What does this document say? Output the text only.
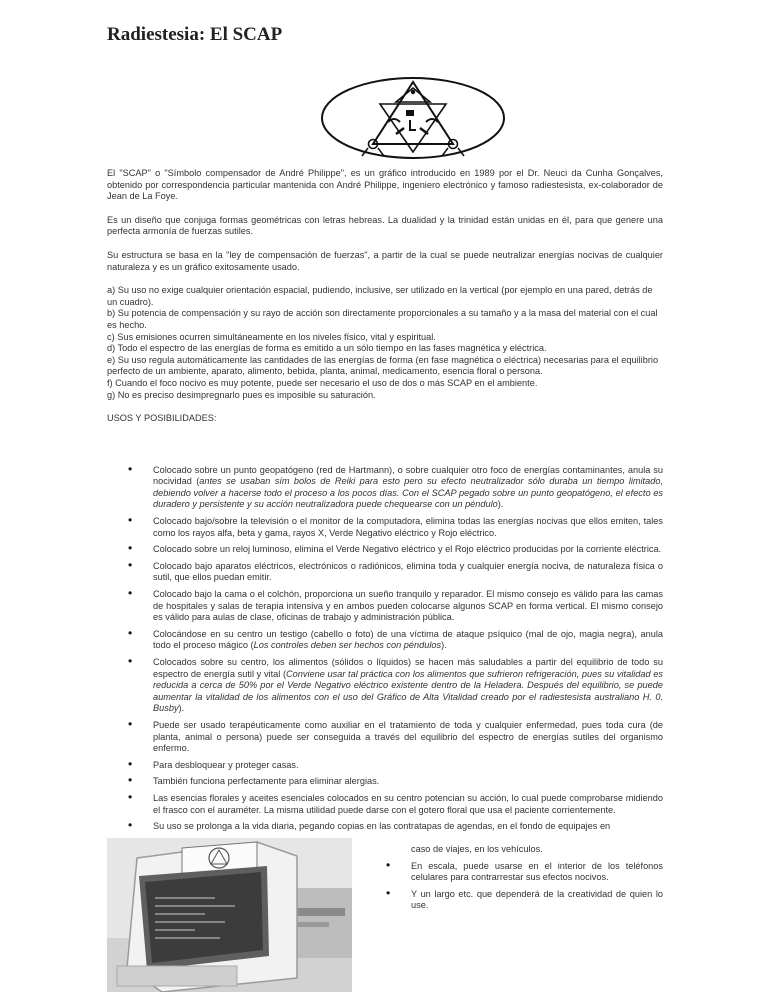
Radiestesia: El SCAP

El "SCAP" o "Símbolo compensador de André Philippe", es un gráfico introducido en 1989 por el Dr. Neuci da Cunha Gonçalves, obtenido por correspondencia particular mantenida con André Philippe, ingeniero electrónico y famoso radiestesista, ex-colaborador de Jean de La Foye.

Es un diseño que conjuga formas geométricas con letras hebreas. La dualidad y la trinidad están unidas en él, para que genere una perfecta armonía de fuerzas sutiles.

Su estructura se basa en la "ley de compensación de fuerzas", a partir de la cual se puede neutralizar energías nocivas de cualquier naturaleza y es un gráfico exitosamente usado.

a) Su uso no exige cualquier orientación espacial, pudiendo, inclusive, ser utilizado en la vertical (por ejemplo en una pared, detrás de un cuadro).

b) Su potencia de compensación y su rayo de acción son directamente proporcionales a su tamaño y a la masa del material con el cual es hecho.

c) Sus emisiones ocurren simultáneamente en los niveles físico, vital y espiritual.

d) Todo el espectro de las energías de forma es emitido a un sólo tiempo en las fases magnética y eléctrica.

e) Su uso regula automáticamente las cantidades de las energías de forma (en fase magnética o eléctrica) necesarias para el equilibrio perfecto de un ambiente, aparato, alimento, bebida, planta, animal, medicamento, esencia floral o persona.

f) Cuando el foco nocivo es muy potente, puede ser necesario el uso de dos o más SCAP en el ambiente.

g) No es preciso desimpregnarlo pues es imposible su saturación.

USOS Y POSIBILIDADES:

• Colocado sobre un punto geopatógeno (red de Hartmann), o sobre cualquier otro foco de energías contaminantes, anula su nocividad (antes se usaban sím bolos de Reiki para esto pero su efecto neutralizador sólo duraba un tiempo limitado, debiendo volver a hacerse todo el proceso a los pocos días. Con el SCAP pegado sobre un punto geopatógeno, el efecto es duradero y persistente y su acción neutralizadora puede chequearse con un péndulo).
• Colocado bajo/sobre la televisión o el monitor de la computadora, elimina todas las energías nocivas que ellos emiten, tales como los rayos alfa, beta y gama, rayos X, Verde Negativo eléctrico y Rojo eléctrico.
• Colocado sobre un reloj luminoso, elimina el Verde Negativo eléctrico y el Rojo eléctrico producidas por la corriente eléctrica.
• Colocado bajo aparatos eléctricos, electrónicos o radiónicos, elimina toda y cualquier energía nociva, de naturaleza física o sutil, que ellos puedan emitir.
• Colocado bajo la cama o el colchón, proporciona un sueño tranquilo y reparador. El mismo consejo es válido para las camas de hospitales y salas de terapia intensiva y en ambos pueden colocarse algunos SCAP en forma vertical. El mismo consejo es válido para aulas de clase, oficinas de trabajo y administración pública.
• Colocándose en su centro un testigo (cabello o foto) de una víctima de ataque psíquico (mal de ojo, magia negra), anula todo el proceso mágico (Los controles deben ser hechos con péndulos).
• Colocados sobre su centro, los alimentos (sólidos o líquidos) se hacen más saludables a partir del equilibrio de todo su espectro de energía sutil y vital (Conviene usar tal práctica con los alimentos que sufrieron refrigeración, pues su vitalidad es reducida a cerca de 50% por el Verde Negativo eléctrico existente dentro de la Heladera. Después del equilibrio, se puede aumentar la vitalidad de los alimentos con el uso del Gráfico de Alta Vitalidad creado por el radiestesista australiano H. 0. Busby).
• Puede ser usado terapéuticamente como auxiliar en el tratamiento de toda y cualquier enfermedad, pues toda cura (de planta, animal o persona) puede ser conseguida a través del equilibrio del espectro de energías sutiles del organismo enfermo.
• Para desbloquear y proteger casas.
• También funciona perfectamente para eliminar alergias.
• Las esencias florales y aceites esenciales colocados en su centro potencian su acción, lo cual puede comprobarse midiendo el frasco con el auraméter. La misma utilidad puede darse con el gotero floral que usa el paciente corrientemente.
• Su uso se prolonga a la vida diaria, pegando copias en las contratapas de agendas, en el fondo de equipajes en

caso de viajes, en los vehículos.

• En escala, puede usarse en el interior de los teléfonos celulares para contrarrestar sus efectos nocivos.
• Y un largo etc. que dependerá de la creatividad de quien lo use.
